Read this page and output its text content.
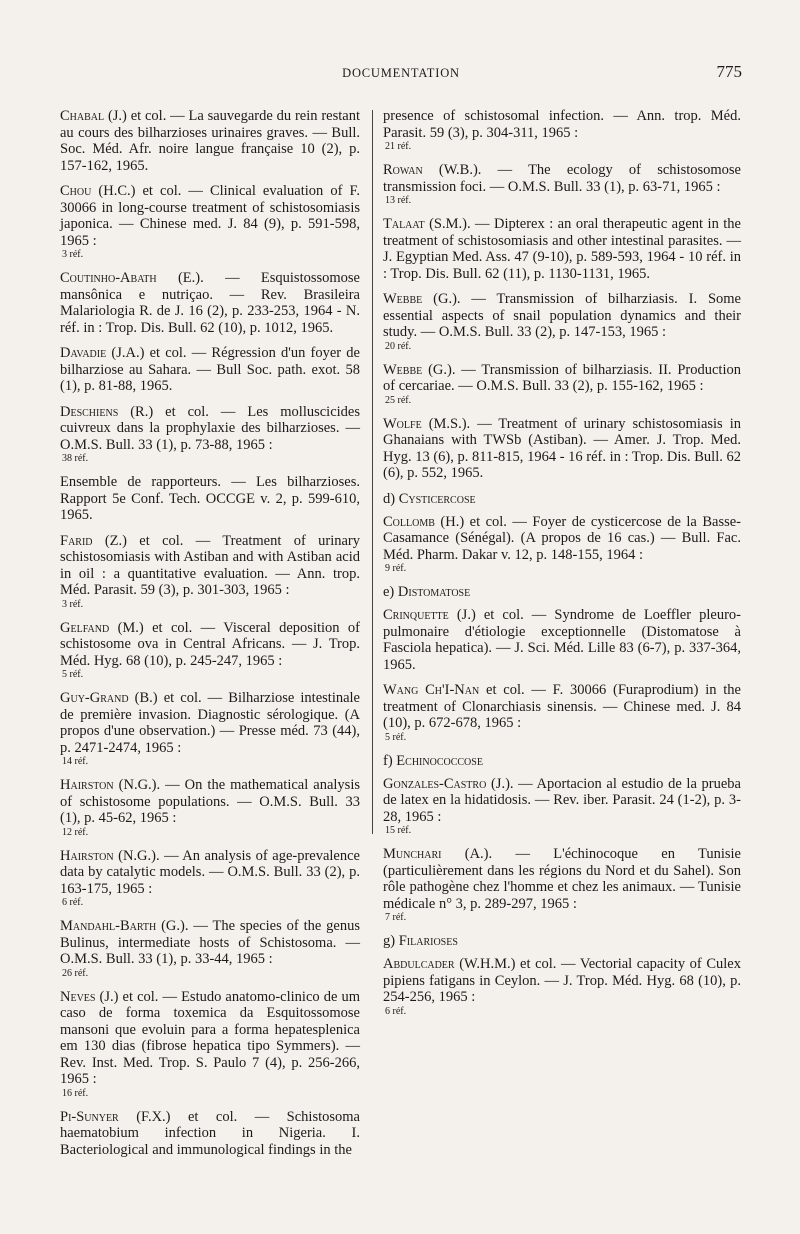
DOCUMENTATION	775
Chabal (J.) et col. — La sauvegarde du rein restant au cours des bilharzioses urinaires graves. — Bull. Soc. Méd. Afr. noire langue française 10 (2), p. 157-162, 1965.
Chou (H.C.) et col. — Clinical evaluation of F. 30066 in long-course treatment of schistosomiasis japonica. — Chinese med. J. 84 (9), p. 591-598, 1965 :
3 réf.
Coutinho-Abath (E.). — Esquistossomose mansônica e nutriçao. — Rev. Brasileira Malariologia R. de J. 16 (2), p. 233-253, 1964 - N. réf. in : Trop. Dis. Bull. 62 (10), p. 1012, 1965.
Davadie (J.A.) et col. — Régression d'un foyer de bilharziose au Sahara. — Bull Soc. path. exot. 58 (1), p. 81-88, 1965.
Deschiens (R.) et col. — Les molluscicides cuivreux dans la prophylaxie des bilharzioses. — O.M.S. Bull. 33 (1), p. 73-88, 1965 :
38 réf.
Ensemble de rapporteurs. — Les bilharzioses. Rapport 5e Conf. Tech. OCCGE v. 2, p. 599-610, 1965.
Farid (Z.) et col. — Treatment of urinary schistosomiasis with Astiban and with Astiban acid in oil : a quantitative evaluation. — Ann. trop. Méd. Parasit. 59 (3), p. 301-303, 1965 :
3 réf.
Gelfand (M.) et col. — Visceral deposition of schistosome ova in Central Africans. — J. Trop. Méd. Hyg. 68 (10), p. 245-247, 1965 :
5 réf.
Guy-Grand (B.) et col. — Bilharziose intestinale de première invasion. Diagnostic sérologique. (A propos d'une observation.) — Presse méd. 73 (44), p. 2471-2474, 1965 :
14 réf.
Hairston (N.G.). — On the mathematical analysis of schistosome populations. — O.M.S. Bull. 33 (1), p. 45-62, 1965 :
12 réf.
Hairston (N.G.). — An analysis of age-prevalence data by catalytic models. — O.M.S. Bull. 33 (2), p. 163-175, 1965 :
6 réf.
Mandahl-Barth (G.). — The species of the genus Bulinus, intermediate hosts of Schistosoma. — O.M.S. Bull. 33 (1), p. 33-44, 1965 :
26 réf.
Neves (J.) et col. — Estudo anatomo-clinico de um caso de forma toxemica da Esquitossomose mansoni que evoluin para a forma hepatesplenica em 130 dias (fibrose hepatica tipo Symmers). — Rev. Inst. Med. Trop. S. Paulo 7 (4), p. 256-266, 1965 :
16 réf.
Pi-Sunyer (F.X.) et col. — Schistosoma haematobium infection in Nigeria. I. Bacteriological and immunological findings in the
presence of schistosomal infection. — Ann. trop. Méd. Parasit. 59 (3), p. 304-311, 1965 :
21 réf.
Rowan (W.B.). — The ecology of schistosomose transmission foci. — O.M.S. Bull. 33 (1), p. 63-71, 1965 :
13 réf.
Talaat (S.M.). — Dipterex : an oral therapeutic agent in the treatment of schistosomiasis and other intestinal parasites. — J. Egyptian Med. Ass. 47 (9-10), p. 589-593, 1964 - 10 réf. in : Trop. Dis. Bull. 62 (11), p. 1130-1131, 1965.
Webbe (G.). — Transmission of bilharziasis. I. Some essential aspects of snail population dynamics and their study. — O.M.S. Bull. 33 (2), p. 147-153, 1965 :
20 réf.
Webbe (G.). — Transmission of bilharziasis. II. Production of cercariae. — O.M.S. Bull. 33 (2), p. 155-162, 1965 :
25 réf.
Wolfe (M.S.). — Treatment of urinary schistosomiasis in Ghanaians with TWSb (Astiban). — Amer. J. Trop. Med. Hyg. 13 (6), p. 811-815, 1964 - 16 réf. in : Trop. Dis. Bull. 62 (6), p. 552, 1965.
d) Cysticercose
Collomb (H.) et col. — Foyer de cysticercose de la Basse-Casamance (Sénégal). (A propos de 16 cas.) — Bull. Fac. Méd. Pharm. Dakar v. 12, p. 148-155, 1964 :
9 réf.
e) Distomatose
Crinquette (J.) et col. — Syndrome de Loeffler pleuro-pulmonaire d'étiologie exceptionnelle (Distomatose à Fasciola hepatica). — J. Sci. Méd. Lille 83 (6-7), p. 337-364, 1965.
Wang Ch'I-Nan et col. — F. 30066 (Furaprodium) in the treatment of Clonarchiasis sinensis. — Chinese med. J. 84 (10), p. 672-678, 1965 :
5 réf.
f) Echinococcose
Gonzales-Castro (J.). — Aportacion al estudio de la prueba de latex en la hidatidosis. — Rev. iber. Parasit. 24 (1-2), p. 3-28, 1965 :
15 réf.
Munchari (A.). — L'échinocoque en Tunisie (particulièrement dans les régions du Nord et du Sahel). Son rôle pathogène chez l'homme et chez les animaux. — Tunisie médicale n° 3, p. 289-297, 1965 :
7 réf.
g) Filarioses
Abdulcader (W.H.M.) et col. — Vectorial capacity of Culex pipiens fatigans in Ceylon. — J. Trop. Méd. Hyg. 68 (10), p. 254-256, 1965 :
6 réf.
